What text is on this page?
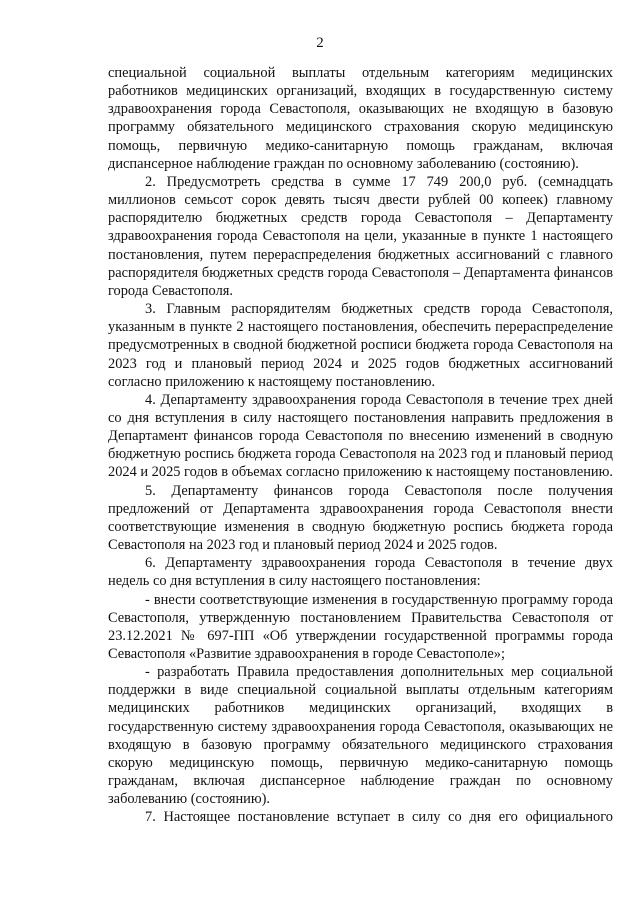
2

специальной социальной выплаты отдельным категориям медицинских работников медицинских организаций, входящих в государственную систему здравоохранения города Севастополя, оказывающих не входящую в базовую программу обязательного медицинского страхования скорую медицинскую помощь, первичную медико-санитарную помощь гражданам, включая диспансерное наблюдение граждан по основному заболеванию (состоянию).

2. Предусмотреть средства в сумме 17 749 200,0 руб. (семнадцать миллионов семьсот сорок девять тысяч двести рублей 00 копеек) главному распорядителю бюджетных средств города Севастополя – Департаменту здравоохранения города Севастополя на цели, указанные в пункте 1 настоящего постановления, путем перераспределения бюджетных ассигнований с главного распорядителя бюджетных средств города Севастополя – Департамента финансов города Севастополя.

3. Главным распорядителям бюджетных средств города Севастополя, указанным в пункте 2 настоящего постановления, обеспечить перераспределение предусмотренных в сводной бюджетной росписи бюджета города Севастополя на 2023 год и плановый период 2024 и 2025 годов бюджетных ассигнований согласно приложению к настоящему постановлению.

4. Департаменту здравоохранения города Севастополя в течение трех дней со дня вступления в силу настоящего постановления направить предложения в Департамент финансов города Севастополя по внесению изменений в сводную бюджетную роспись бюджета города Севастополя на 2023 год и плановый период 2024 и 2025 годов в объемах согласно приложению к настоящему постановлению.

5. Департаменту финансов города Севастополя после получения предложений от Департамента здравоохранения города Севастополя внести соответствующие изменения в сводную бюджетную роспись бюджета города Севастополя на 2023 год и плановый период 2024 и 2025 годов.

6. Департаменту здравоохранения города Севастополя в течение двух недель со дня вступления в силу настоящего постановления:

- внести соответствующие изменения в государственную программу города Севастополя, утвержденную постановлением Правительства Севастополя от 23.12.2021 № 697-ПП «Об утверждении государственной программы города Севастополя «Развитие здравоохранения в городе Севастополе»;

- разработать Правила предоставления дополнительных мер социальной поддержки в виде специальной социальной выплаты отдельным категориям медицинских работников медицинских организаций, входящих в государственную систему здравоохранения города Севастополя, оказывающих не входящую в базовую программу обязательного медицинского страхования скорую медицинскую помощь, первичную медико-санитарную помощь гражданам, включая диспансерное наблюдение граждан по основному заболеванию (состоянию).

7. Настоящее постановление вступает в силу со дня его официального
